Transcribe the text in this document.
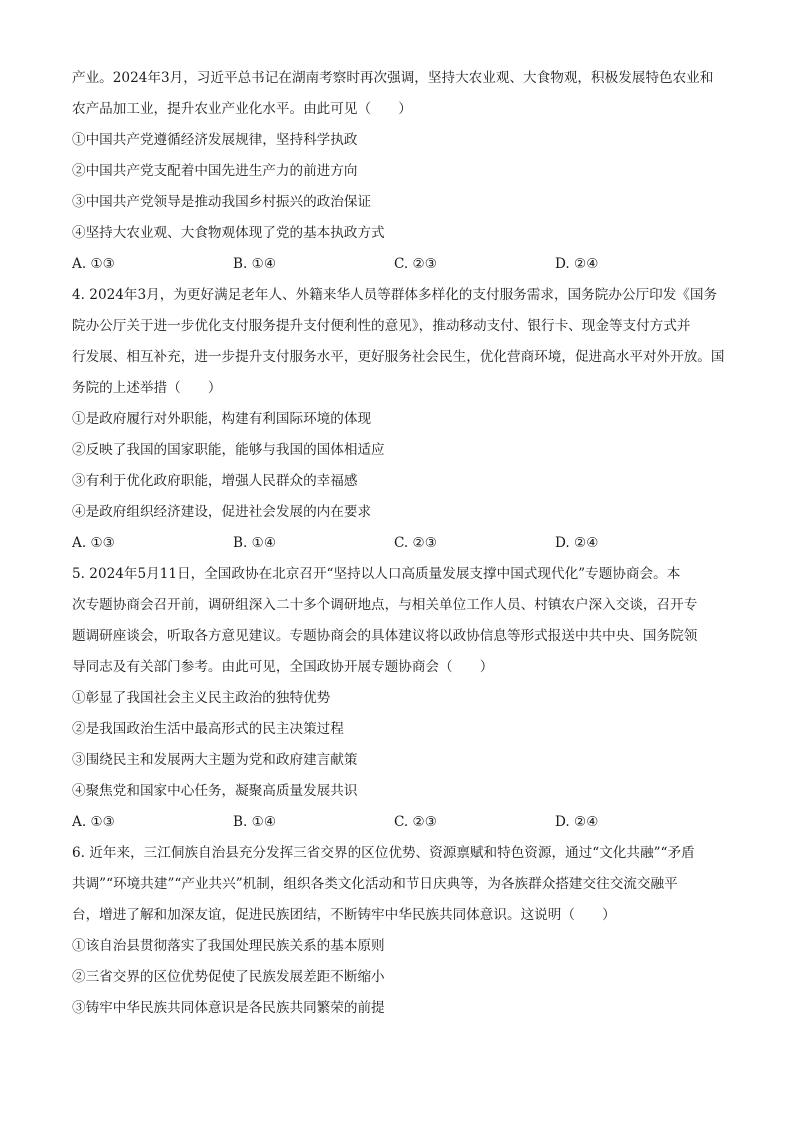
产业。2024年3月，习近平总书记在湖南考察时再次强调，坚持大农业观、大食物观，积极发展特色农业和
农产品加工业，提升农业产业化水平。由此可见（　　）
①中国共产党遵循经济发展规律，坚持科学执政
②中国共产党支配着中国先进生产力的前进方向
③中国共产党领导是推动我国乡村振兴的政治保证
④坚持大农业观、大食物观体现了党的基本执政方式
A. ①③	B. ①④	C. ②③	D. ②④
4. 2024年3月，为更好满足老年人、外籍来华人员等群体多样化的支付服务需求，国务院办公厅印发《国务
院办公厅关于进一步优化支付服务提升支付便利性的意见》，推动移动支付、银行卡、现金等支付方式并
行发展、相互补充，进一步提升支付服务水平，更好服务社会民生，优化营商环境，促进高水平对外开放。国
务院的上述举措（　　）
①是政府履行对外职能，构建有利国际环境的体现
②反映了我国的国家职能，能够与我国的国体相适应
③有利于优化政府职能，增强人民群众的幸福感
④是政府组织经济建设，促进社会发展的内在要求
A. ①③	B. ①④	C. ②③	D. ②④
5. 2024年5月11日，全国政协在北京召开“坚持以人口高质量发展支撑中国式现代化”专题协商会。本
次专题协商会召开前，调研组深入二十多个调研地点，与相关单位工作人员、村镇农户深入交谈，召开专
题调研座谈会，听取各方意见建议。专题协商会的具体建议将以政协信息等形式报送中共中央、国务院领
导同志及有关部门参考。由此可见，全国政协开展专题协商会（　　）
①彰显了我国社会主义民主政治的独特优势
②是我国政治生活中最高形式的民主决策过程
③围绕民主和发展两大主题为党和政府建言献策
④聚焦党和国家中心任务，凝聚高质量发展共识
A. ①③	B. ①④	C. ②③	D. ②④
6. 近年来，三江侗族自治县充分发挥三省交界的区位优势、资源禀赋和特色资源，通过“文化共融”“矛盾
共调”“环境共建”“产业共兴”机制，组织各类文化活动和节日庆典等，为各族群众搭建交往交流交融平
台，增进了解和加深友谊，促进民族团结，不断铸牢中华民族共同体意识。这说明（　　）
①该自治县贯彻落实了我国处理民族关系的基本原则
②三省交界的区位优势促使了民族发展差距不断缩小
③铸牢中华民族共同体意识是各民族共同繁荣的前提
